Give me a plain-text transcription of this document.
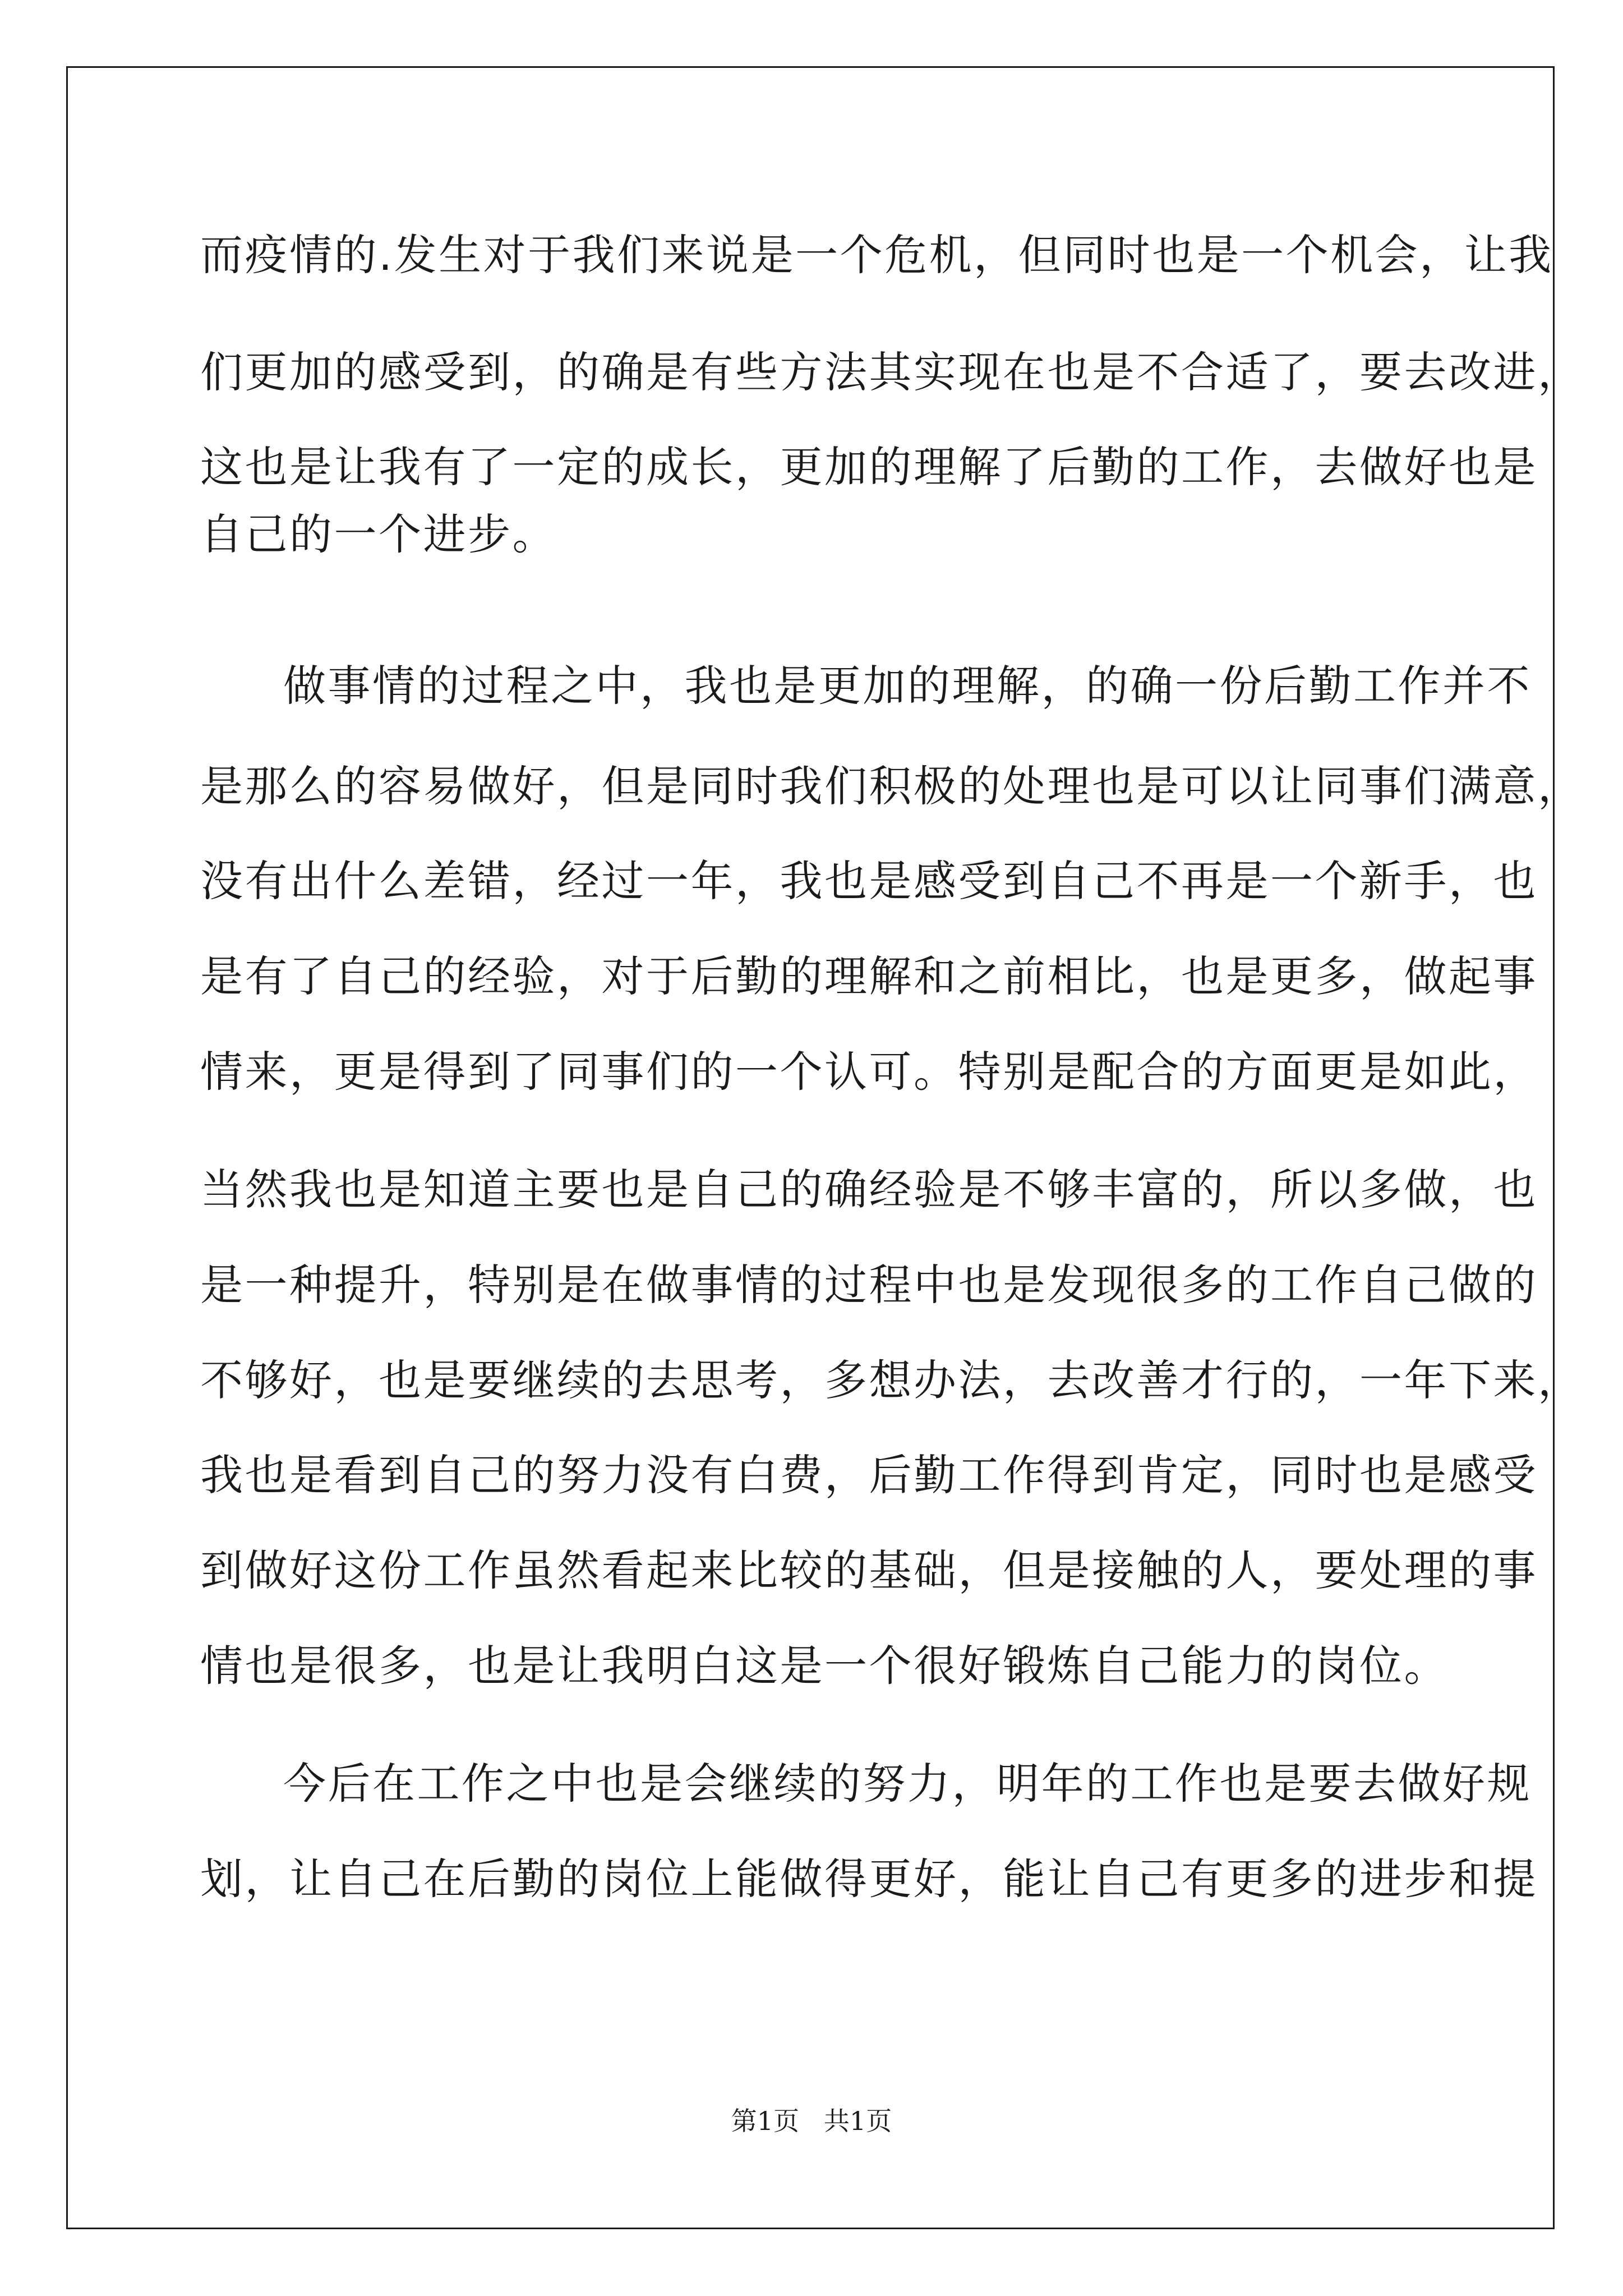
而疫情的.发生对于我们来说是一个危机，但同时也是一个机会，让我
们更加的感受到，的确是有些方法其实现在也是不合适了，要去改进，
这也是让我有了一定的成长，更加的理解了后勤的工作，去做好也是
自己的一个进步。
做事情的过程之中，我也是更加的理解，的确一份后勤工作并不
是那么的容易做好，但是同时我们积极的处理也是可以让同事们满意，
没有出什么差错，经过一年，我也是感受到自己不再是一个新手，也
是有了自己的经验，对于后勤的理解和之前相比，也是更多，做起事
情来，更是得到了同事们的一个认可。特别是配合的方面更是如此，
当然我也是知道主要也是自己的确经验是不够丰富的，所以多做，也
是一种提升，特别是在做事情的过程中也是发现很多的工作自己做的
不够好，也是要继续的去思考，多想办法，去改善才行的，一年下来，
我也是看到自己的努力没有白费，后勤工作得到肯定，同时也是感受
到做好这份工作虽然看起来比较的基础，但是接触的人，要处理的事
情也是很多，也是让我明白这是一个很好锻炼自己能力的岗位。
今后在工作之中也是会继续的努力，明年的工作也是要去做好规
划，让自己在后勤的岗位上能做得更好，能让自己有更多的进步和提
第1页   共1页
